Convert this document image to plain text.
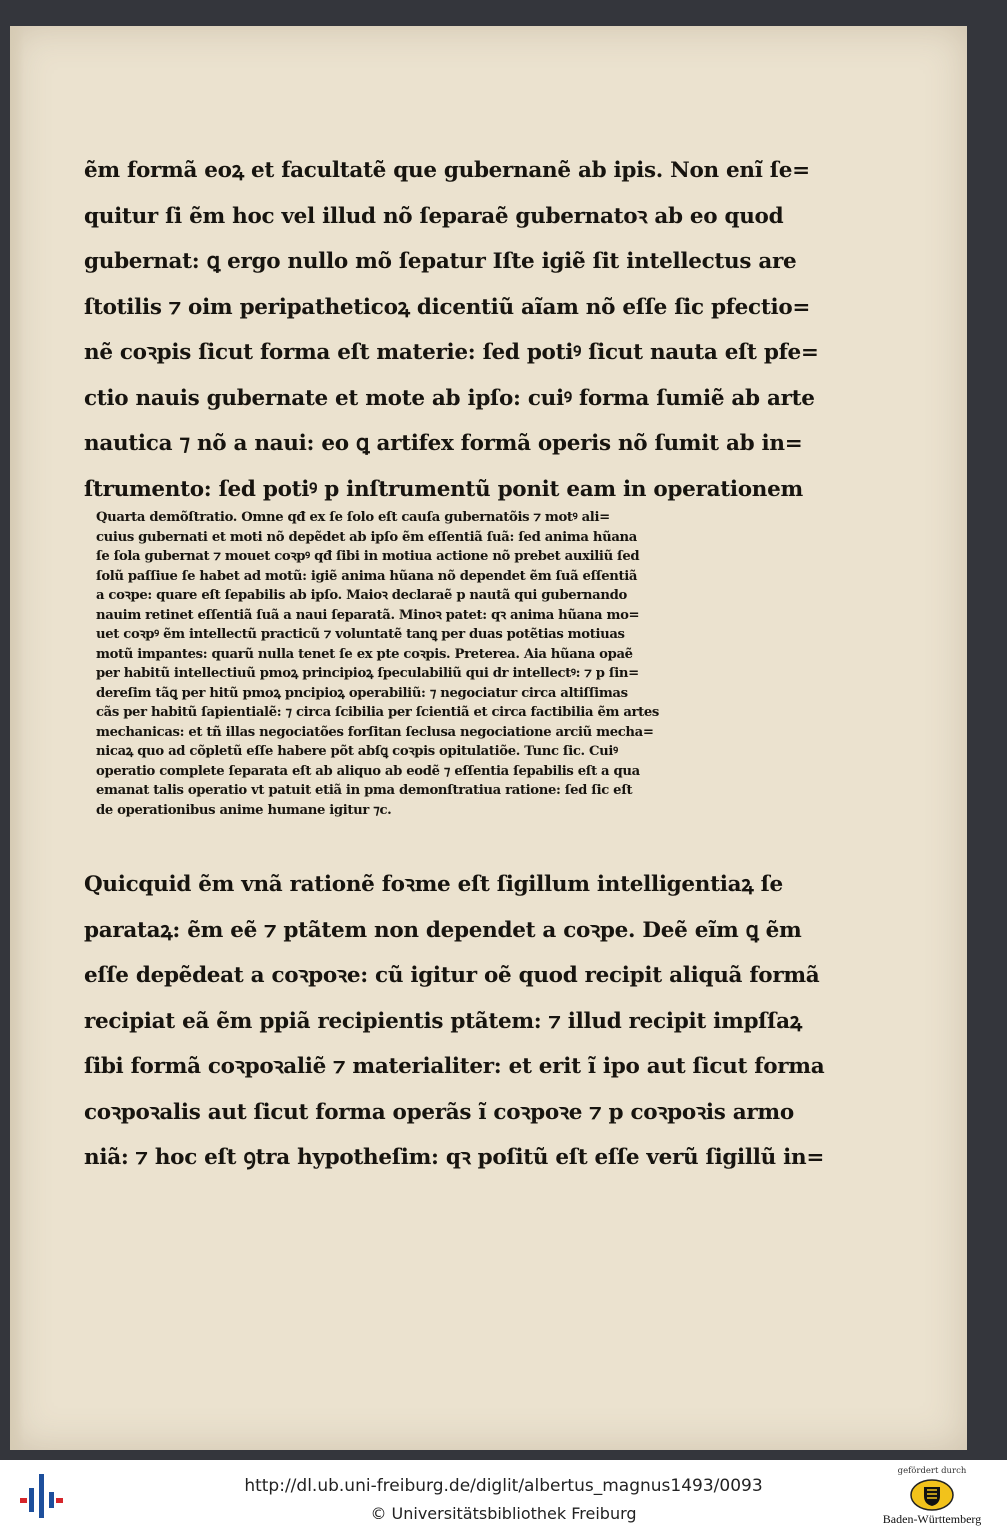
ẽm formã eoꝝ et facultatẽ que gubernanẽ ab ipis. Non enĩ ſe=
quitur ſi ẽm hoc vel illud nõ ſeparaẽ gubernatoꝛ ab eo quod
gubernat: ꝗ ergo nullo mõ ſepatur Iſte igiẽ ſit intellectus are
ſtotilis ⁊ oim peripatheticoꝝ dicentiũ aĩam nõ eſſe ſic pfectio=
nẽ coꝛpis ſicut forma eſt materie: ſed potiꝰ ſicut nauta eſt pfe=
ctio nauis gubernate et mote ab ipſo: cuiꝰ forma ſumiẽ ab arte
nautica ⁊ nõ a naui: eo ꝗ artifex formã operis nõ ſumit ab in=
ſtrumento: ſed potiꝰ p inſtrumentũ ponit eam in operationem
Quarta demõſtratio. Omne qđ ex ſe ſolo eſt cauſa gubernatõis ⁊ motꝰ ali=
cuius gubernati et moti nõ depẽdet ab ipſo ẽm eſſentiã ſuã: ſed anima hũana
ſe ſola gubernat ⁊ mouet coꝛpꝰ qđ ſibi in motiua actione nõ prebet auxiliũ ſed
ſolũ paſſiue ſe habet ad motũ: igiẽ anima hũana nõ dependet ẽm ſuã eſſentiã
a coꝛpe: quare eſt ſepabilis ab ipſo. Maioꝛ declaraẽ p nautã qui gubernando
nauim retinet eſſentiã ſuã a naui ſeparatã. Minoꝛ patet: qꝛ anima hũana mo=
uet coꝛpꝰ ẽm intellectũ practicũ ⁊ voluntatẽ tanꝗ per duas potẽtias motiuas
motũ impantes: quarũ nulla tenet ſe ex pte coꝛpis. Preterea. Aia hũana opaẽ
per habitũ intellectiuũ pmoꝝ principioꝝ ſpeculabiliũ qui dr intellectꝰ: ⁊ p ſin=
dereſim tãꝗ per hitũ pmoꝝ pncipioꝝ operabiliũ: ⁊ negociatur circa altiſſimas
cãs per habitũ ſapientialẽ: ⁊ circa ſcibilia per ſcientiã et circa factibilia ẽm artes
mechanicas: et tñ illas negociatões forſitan ſeclusa negociatione arciũ mecha=
nicaꝝ quo ad cõpletũ eſſe habere põt abſꝗ coꝛpis opitulatiõe. Tunc ſic. Cuiꝰ
operatio complete ſeparata eſt ab aliquo ab eodẽ ⁊ eſſentia ſepabilis eſt a qua
emanat talis operatio vt patuit etiã in pma demonſtratiua ratione: ſed ſic eſt
de operationibus anime humane igitur ⁊c.
Quicquid ẽm vnã rationẽ foꝛme eſt ſigillum intelligentiaꝝ ſe
parataꝝ: ẽm eẽ ⁊ ptãtem non dependet a coꝛpe. Deẽ eĩm ꝗ ẽm
eſſe depẽdeat a coꝛpoꝛe: cũ igitur oẽ quod recipit aliquã formã
recipiat eã ẽm ppiã recipientis ptãtem: ⁊ illud recipit impſſaꝝ
ſibi formã coꝛpoꝛaliẽ ⁊ materialiter: et erit ĩ ipo aut ſicut forma
coꝛpoꝛalis aut ſicut forma operãs ĩ coꝛpoꝛe ⁊ p coꝛpoꝛis armo
niã: ⁊ hoc eſt ꝯtra hypotheſim: qꝛ poſitũ eſt eſſe verũ ſigillũ in=
http://dl.ub.uni-freiburg.de/diglit/albertus_magnus1493/0093
© Universitätsbibliothek Freiburg
gefördert durch
Baden-Württemberg
